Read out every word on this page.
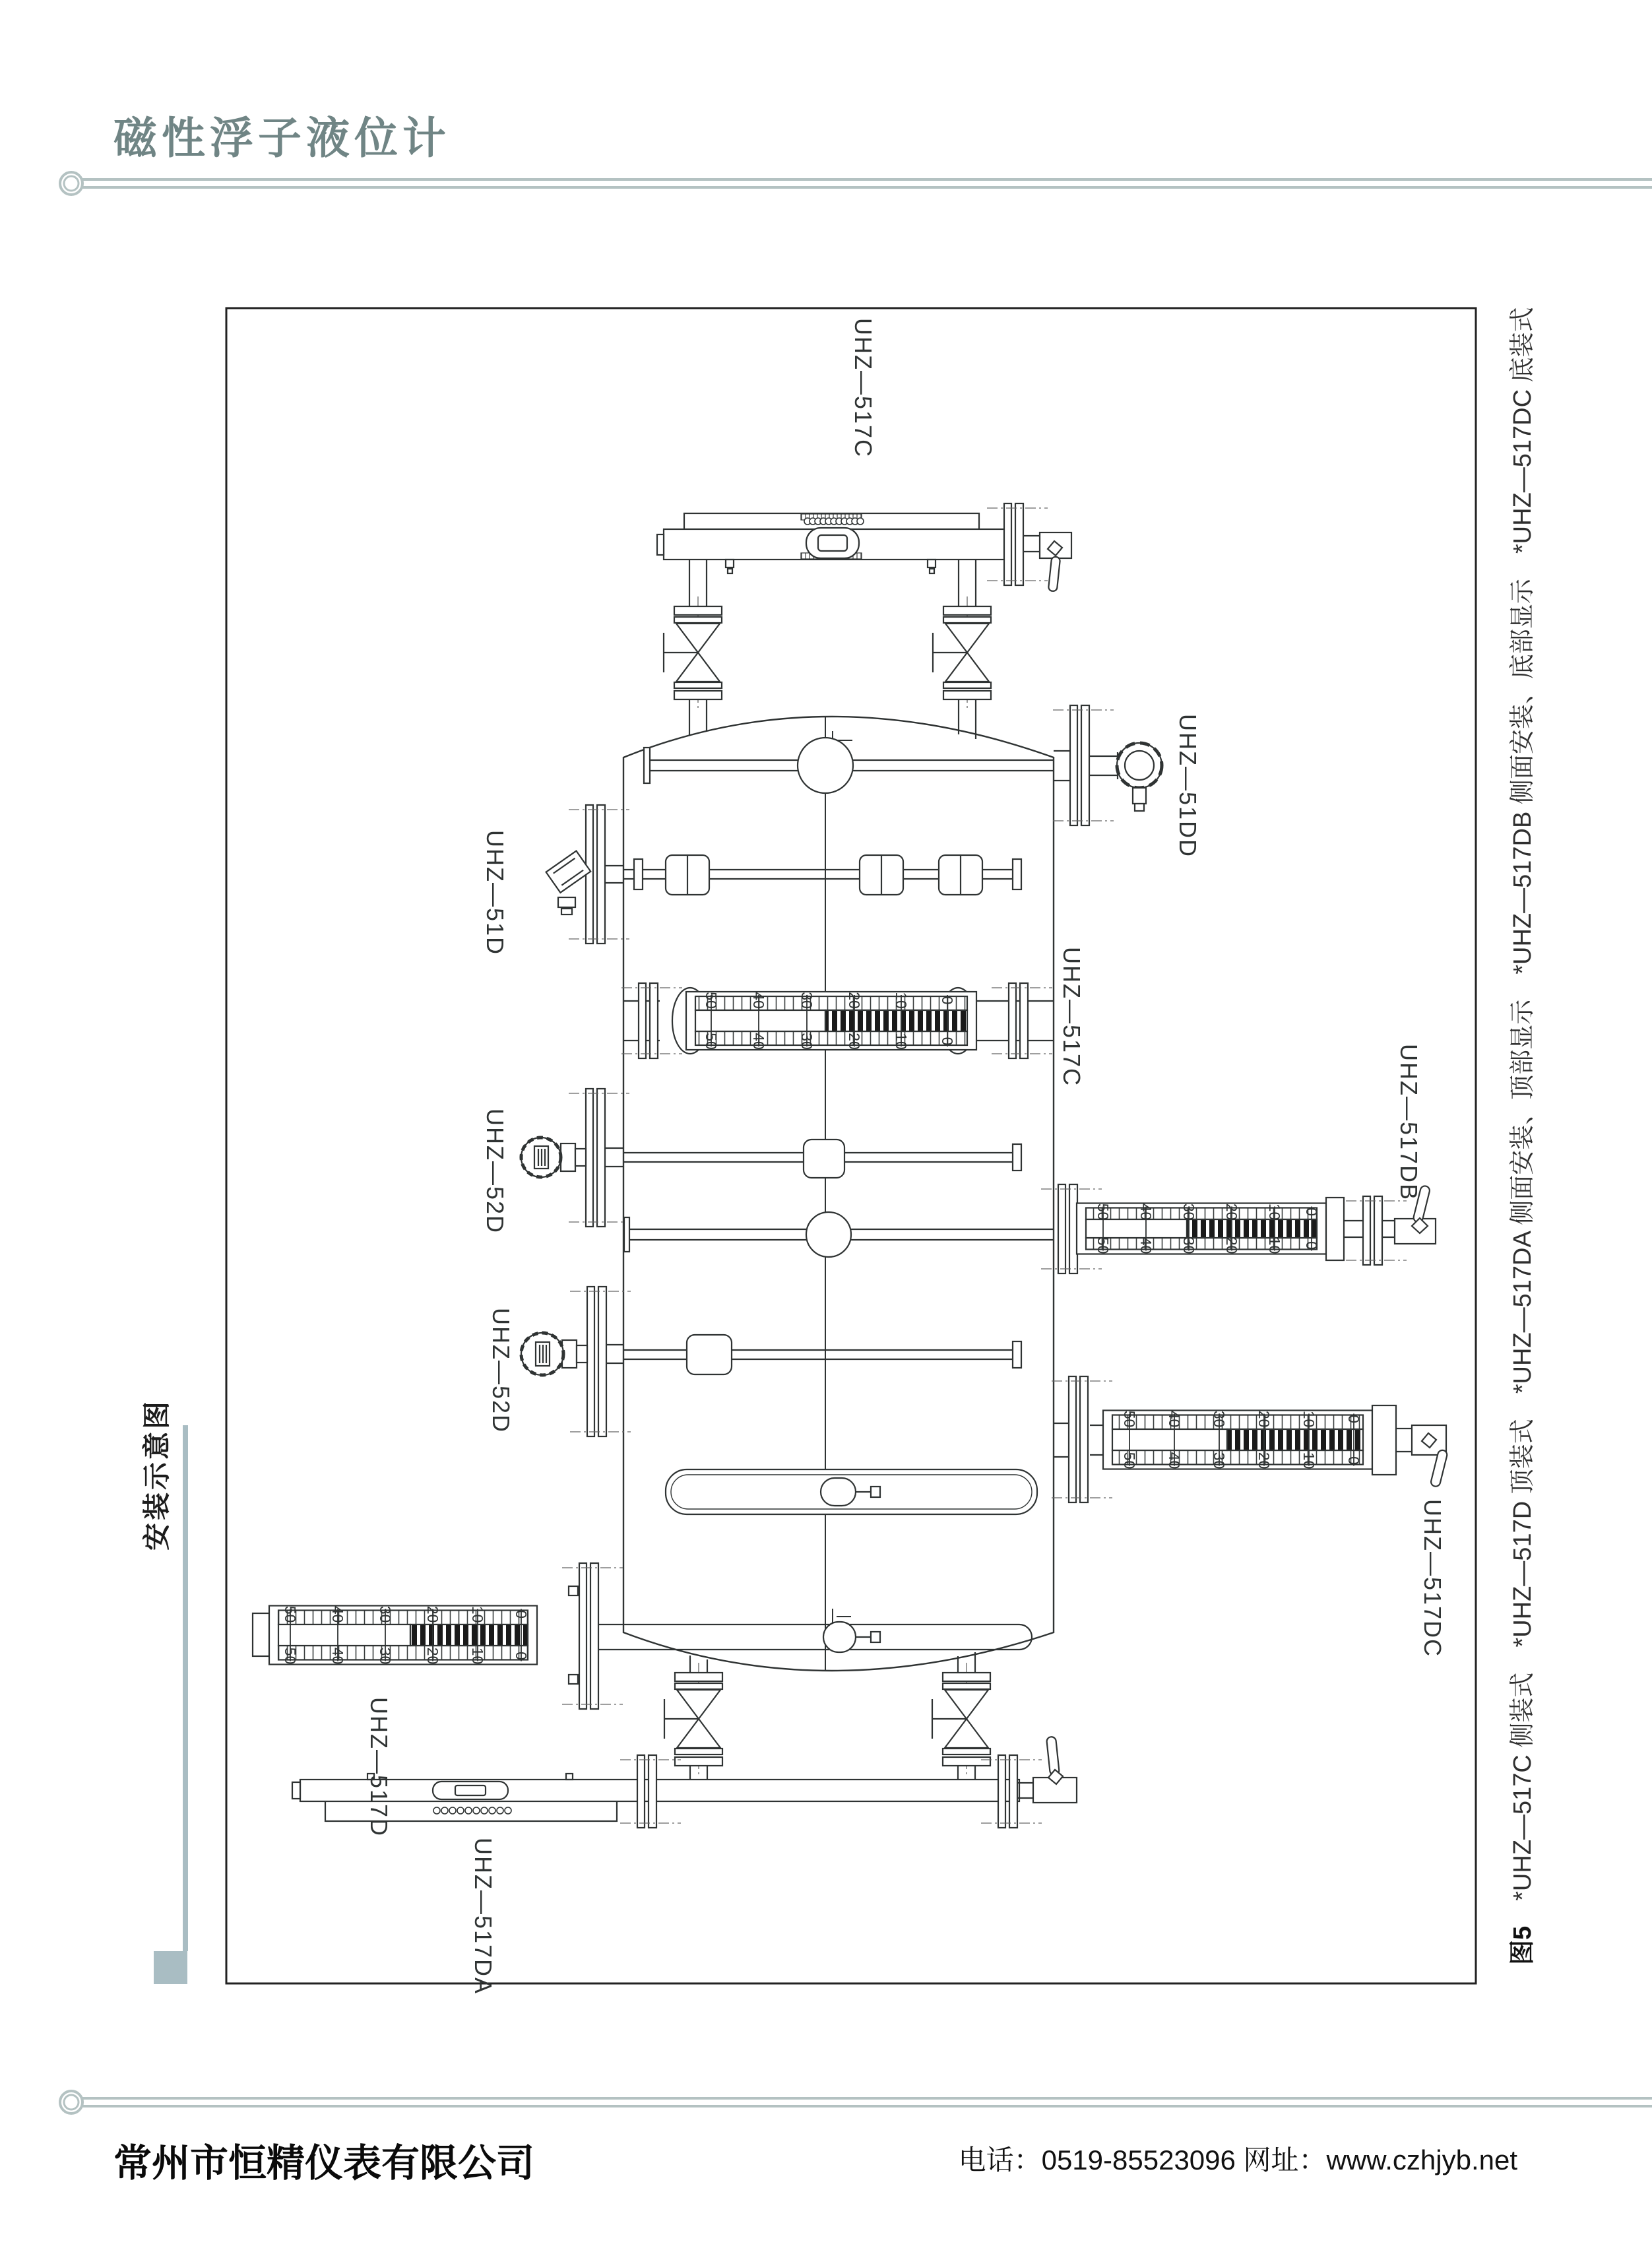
磁性浮子液位计
安装示意图
50
50
40
40
30
30
20
20
10
10
0
0
50
50
40
40
30
30
20
20
10
10
0
0
50
50
40
40
30
30
20
20
10
10
0
0
50
50
40
40
30
30
20
20
10
10
0
0
UHZ—517C
UHZ—51DD
UHZ—51D
UHZ—517C
UHZ—52D	UHZ—517DB
UHZ—52D
UHZ—517DC
UHZ—517D
UHZ—517DA	图5　*UHZ—517C 侧装式　*UHZ—517D 顶装式　*UHZ—517DA 侧面安装、顶部显示　*UHZ—517DB 侧面安装、底部显示　*UHZ—517DC 底装式
常州市恒精仪表有限公司	电话：0519-85523096 网址：www.czhjyb.net
